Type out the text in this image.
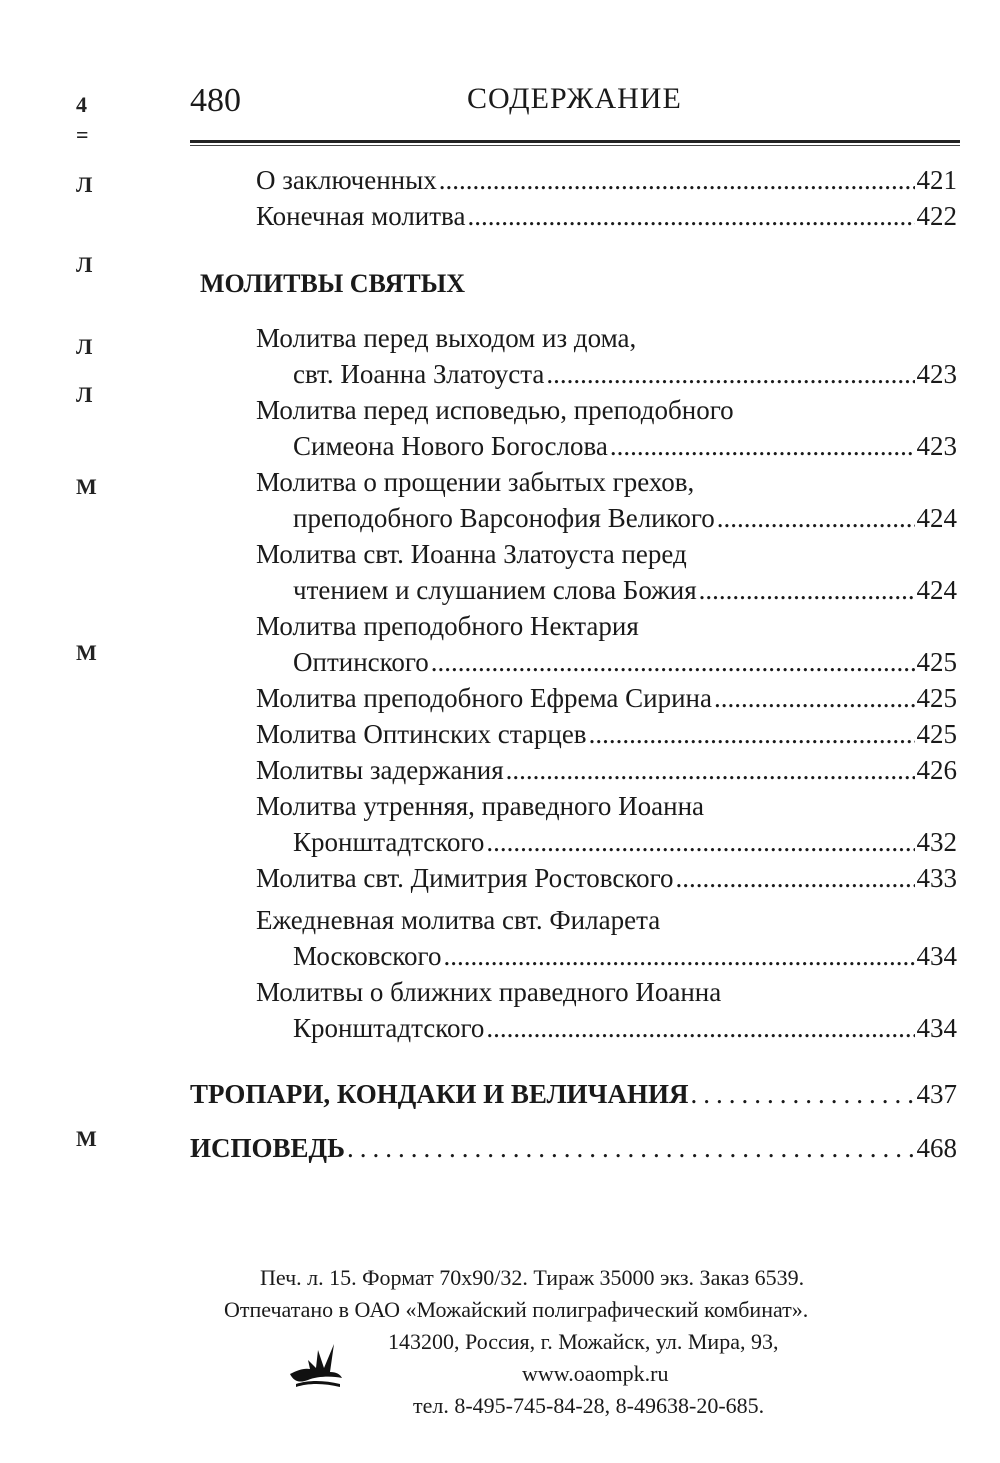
4
=
Л
Л
Л
Л
М
М
М
480	СОДЕРЖАНИЕ
О заключенных .....	421
Конечная молитва .....	422
МОЛИТВЫ СВЯТЫХ
Молитва перед выходом из дома,
свт. Иоанна Златоуста .....	423
Молитва перед исповедью, преподобного
Симеона Нового Богослова .....	423
Молитва о прощении забытых грехов,
преподобного Варсонофия Великого .....	424
Молитва свт. Иоанна Златоуста перед
чтением и слушанием слова Божия .....	424
Молитва преподобного Нектария
Оптинского .....	425
Молитва преподобного Ефрема Сирина .....	425
Молитва Оптинских старцев .....	425
Молитвы задержания .....	426
Молитва утренняя, праведного Иоанна
Кронштадтского .....	432
Молитва свт. Димитрия Ростовского .....	433
Ежедневная молитва свт. Филарета
Московского .....	434
Молитвы о ближних праведного Иоанна
Кронштадтского .....	434
ТРОПАРИ, КОНДАКИ И ВЕЛИЧАНИЯ .....	437
ИСПОВЕДЬ .....	468
Печ. л. 15. Формат 70х90/32. Тираж 35000 экз. Заказ 6539.
Отпечатано в ОАО «Можайский полиграфический комбинат».
143200, Россия, г. Можайск, ул. Мира, 93,
www.oaompk.ru
тел. 8-495-745-84-28, 8-49638-20-685.
